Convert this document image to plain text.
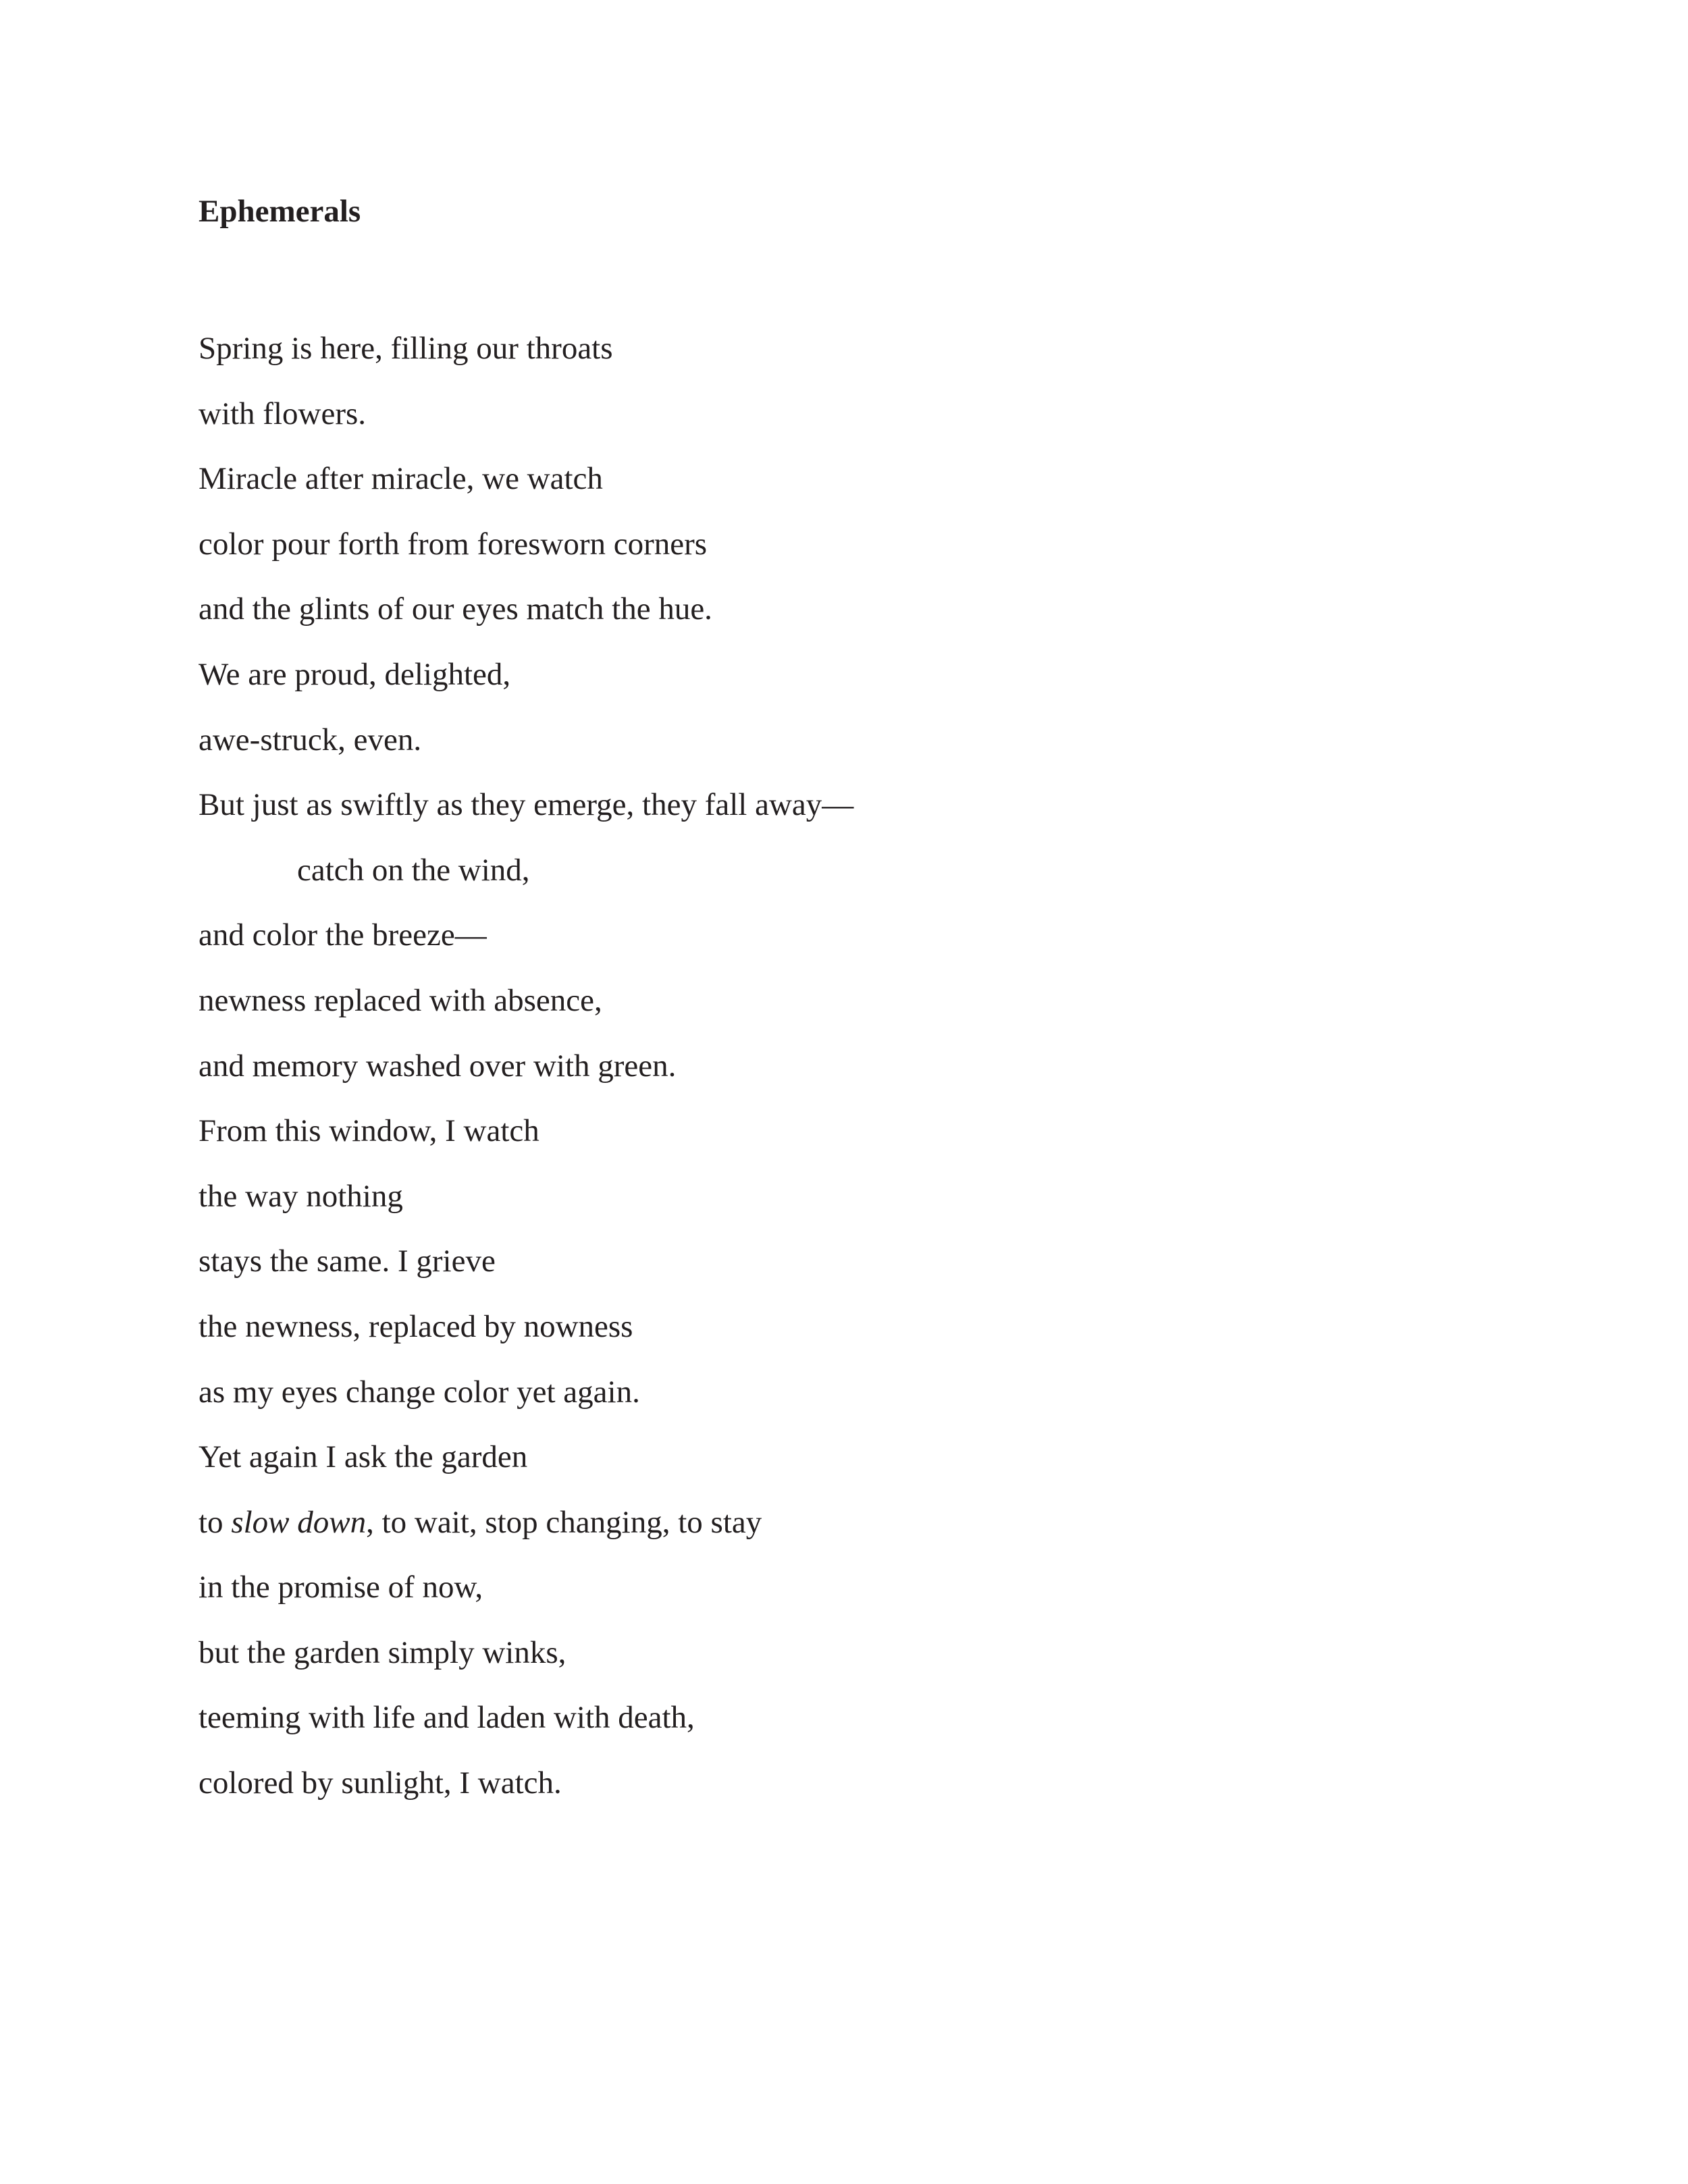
Ephemerals
Spring is here, filling our throats
with flowers.
Miracle after miracle, we watch
color pour forth from foresworn corners
and the glints of our eyes match the hue.
We are proud, delighted,
awe-struck, even.
But just as swiftly as they emerge, they fall away—
catch on the wind,
and color the breeze—
newness replaced with absence,
and memory washed over with green.
From this window, I watch
the way nothing
stays the same. I grieve
the newness, replaced by nowness
as my eyes change color yet again.
Yet again I ask the garden
to slow down, to wait, stop changing, to stay
in the promise of now,
but the garden simply winks,
teeming with life and laden with death,
colored by sunlight, I watch.
